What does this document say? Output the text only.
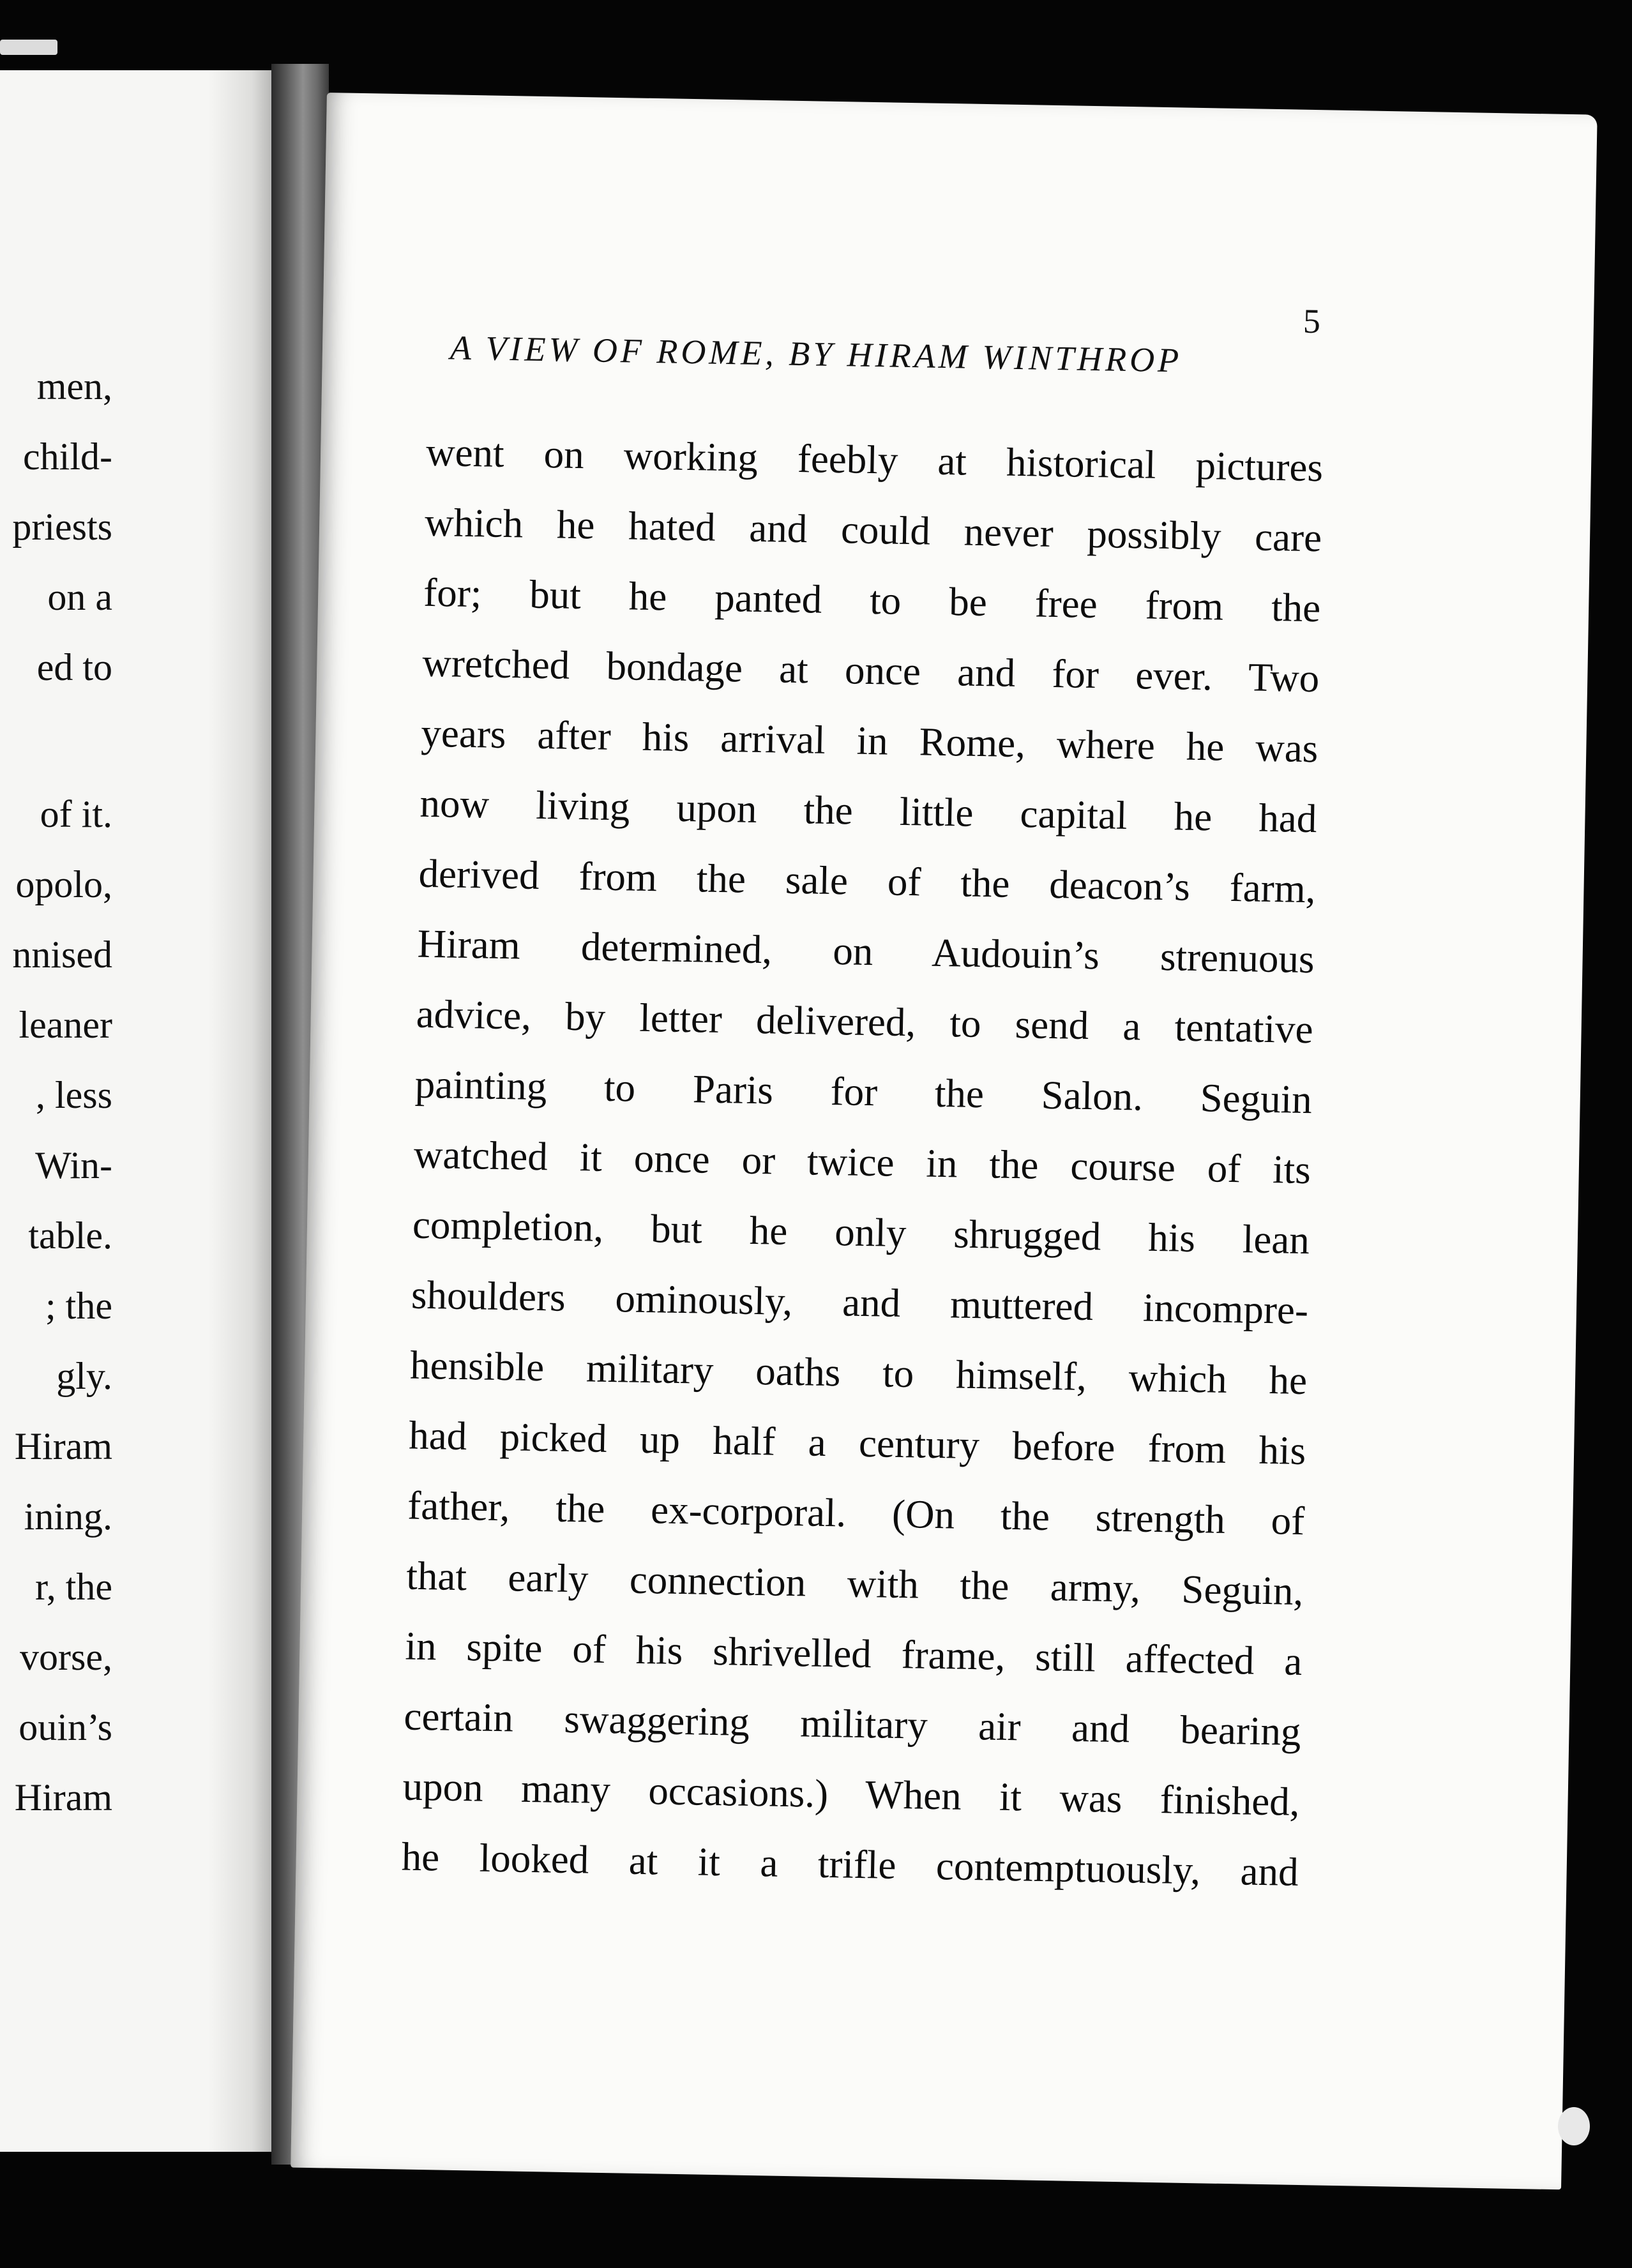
men,
child-
priests
on a
ed to
of it.
opolo,
nnised
leaner
, less
Win-
table.
; the
gly.
Hiram
ining.
r, the
vorse,
ouin’s
Hiram
A VIEW OF ROME, BY HIRAM WINTHROP
5
went on working feebly at historical pictures
which he hated and could never possibly care
for; but he panted to be free from the
wretched bondage at once and for ever. Two
years after his arrival in Rome, where he was
now living upon the little capital he had
derived from the sale of the deacon’s farm,
Hiram determined, on Audouin’s strenuous
advice, by letter delivered, to send a tentative
painting to Paris for the Salon. Seguin
watched it once or twice in the course of its
completion, but he only shrugged his lean
shoulders ominously, and muttered incompre-
hensible military oaths to himself, which he
had picked up half a century before from his
father, the ex-corporal. (On the strength of
that early connection with the army, Seguin,
in spite of his shrivelled frame, still affected a
certain swaggering military air and bearing
upon many occasions.) When it was finished,
he looked at it a trifle contemptuously, and
